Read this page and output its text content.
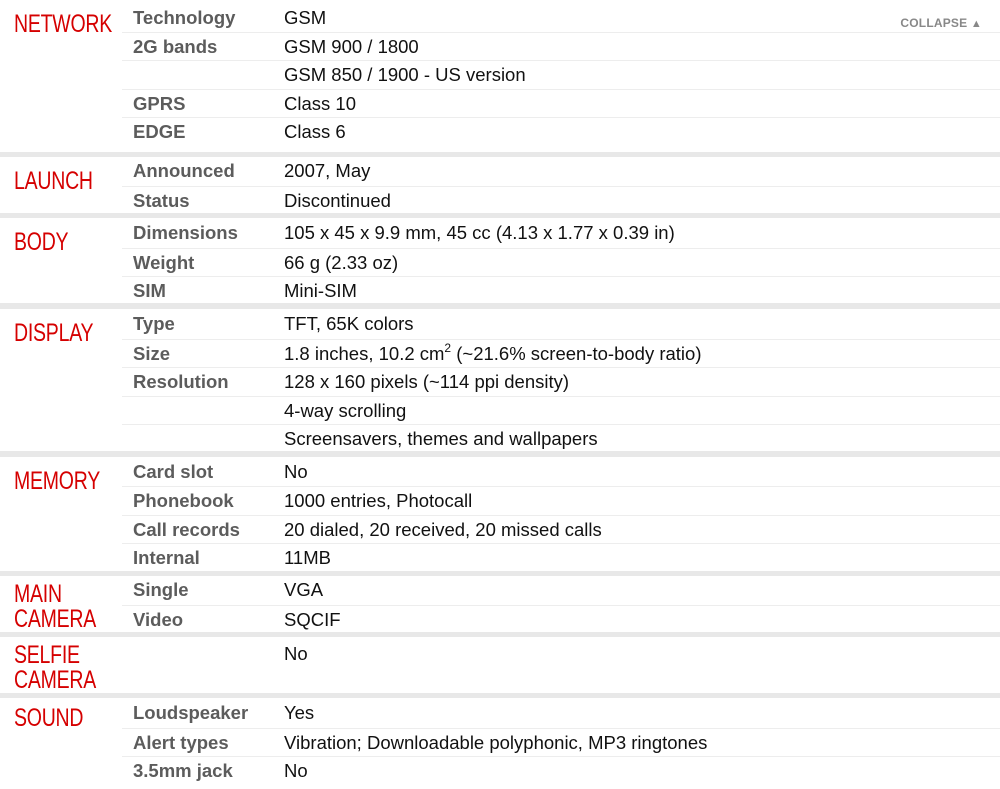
NETWORK Technology	GSM
2G bands	GSM 900 / 1800
GSM 850 / 1900 - US version
GPRS	Class 10
EDGE	Class 6
LAUNCH Announced	2007, May
Status	Discontinued
BODY	Dimensions 105 x 45 x 9.9 mm, 45 cc (4.13 x 1.77 x 0.39 in)
Weight	66 g (2.33 oz)
SIM	Mini-SIM
DISPLAY Type	TFT, 65K colors
Size	1.8 inches, 10.2 $cm^2$ (~21.6% screen-to-body ratio)
Resolution	128 x 160 pixels (~114 ppi density)
4-way scrolling
Screensavers, themes and wallpapers
MEMORY Card slot	No
Phonebook	1000 entries, Photocall
Call records 20 dialed, 20 received, 20 missed calls
Internal	11MB
MAIN
CAMERA
Single	VGA
Video	SQCIF
SELFIE
CAMERA
No
SOUND	Loudspeaker Yes
Alert types	Vibration; Downloadable polyphonic, MP3 ringtones
3.5mm jack	No
COLLAPSE ▲
